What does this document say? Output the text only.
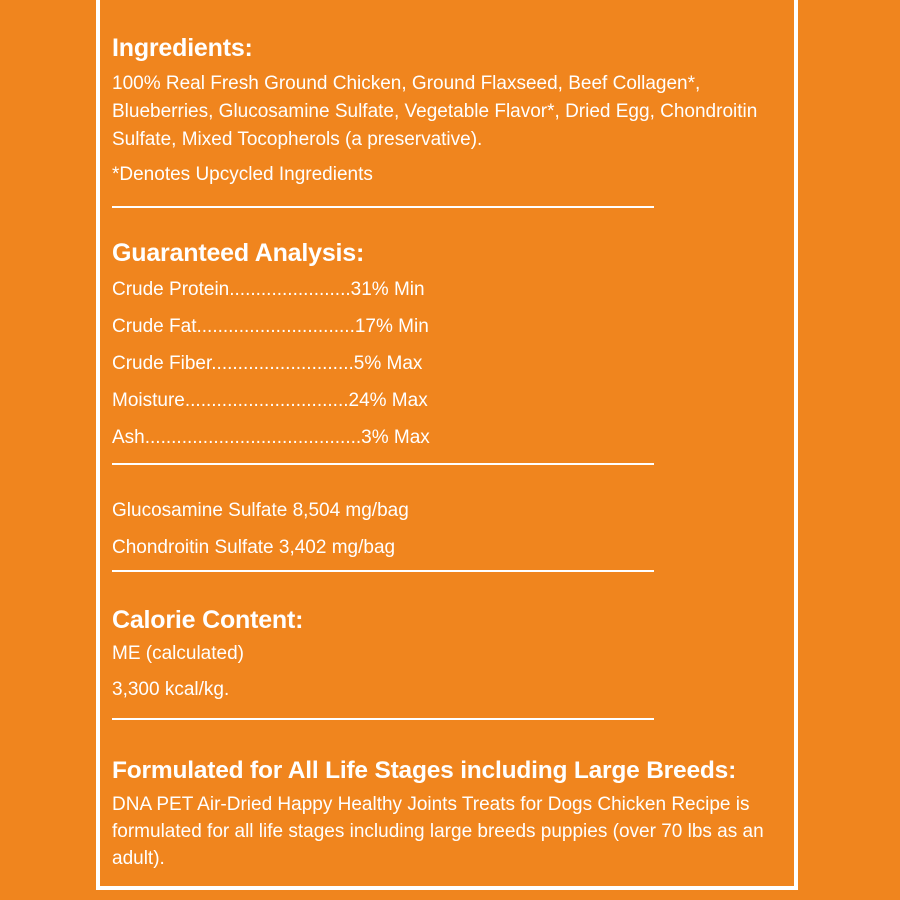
Ingredients:

100% Real Fresh Ground Chicken, Ground Flaxseed, Beef Collagen*, Blueberries, Glucosamine Sulfate, Vegetable Flavor*, Dried Egg, Chondroitin Sulfate, Mixed Tocopherols (a preservative).

*Denotes Upcycled Ingredients

Guaranteed Analysis:

Crude Protein.......................31% Min

Crude Fat..............................17% Min

Crude Fiber...........................5% Max

Moisture...............................24% Max

Ash.........................................3% Max

Glucosamine Sulfate 8,504 mg/bag

Chondroitin Sulfate 3,402 mg/bag

Calorie Content:

ME (calculated)

3,300 kcal/kg.

Formulated for All Life Stages including Large Breeds:

DNA PET Air-Dried Happy Healthy Joints Treats for Dogs Chicken Recipe is formulated for all life stages including large breeds puppies (over 70 lbs as an adult).
